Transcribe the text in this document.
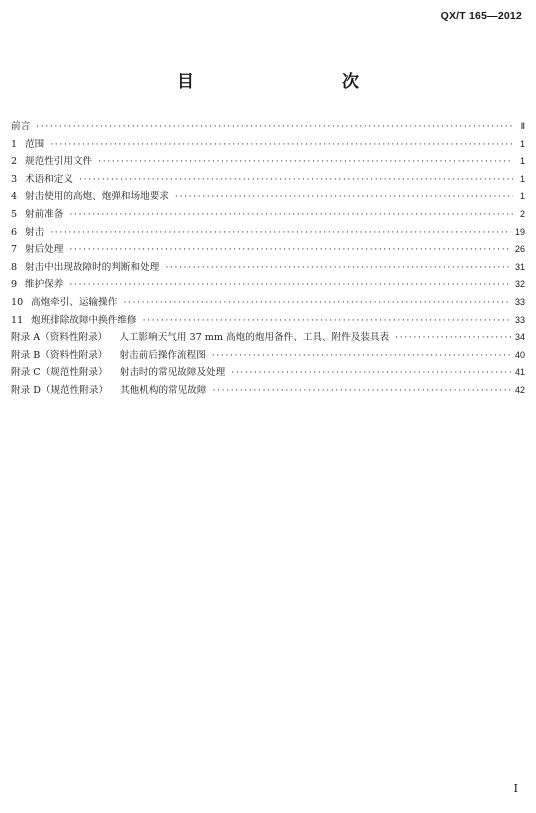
QX/T 165—2012
目　　次
前言 ·····	Ⅱ
1 范围 ·····	1
2 规范性引用文件 ·····	1
3 术语和定义 ·····	1
4 射击使用的高炮、炮弹和场地要求 ·····	1
5 射前准备 ·····	2
6 射击 ·····	19
7 射后处理 ·····	26
8 射击中出现故障时的判断和处理 ·····	31
9 维护保养 ·····	32
10 高炮牵引、运输操作 ·····	33
11 炮班排除故障中换件维修 ·····	33
附录 A（资料性附录） 人工影响天气用 37 mm 高炮的炮用备件、工具、附件及装具表 ·····	34
附录 B（资料性附录） 射击前后操作流程图 ·····	40
附录 C（规范性附录） 射击时的常见故障及处理 ·····	41
附录 D（规范性附录） 其他机构的常见故障 ·····	42
Ⅰ
